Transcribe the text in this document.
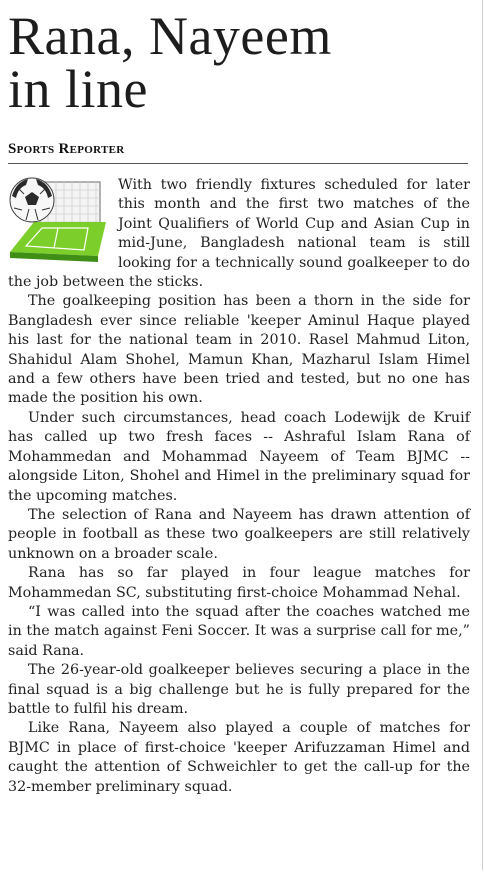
Rana, Nayeem
in line
Sports Reporter

With two friendly fixtures scheduled for later this month and the first two matches of the Joint Qualifiers of World Cup and Asian Cup in mid-June, Bangladesh national team is still looking for a technically sound goalkeeper to do the job between the sticks.

The goalkeeping position has been a thorn in the side for Bangladesh ever since reliable 'keeper Aminul Haque played his last for the national team in 2010. Rasel Mahmud Liton, Shahidul Alam Shohel, Mamun Khan, Mazharul Islam Himel and a few others have been tried and tested, but no one has made the position his own.

Under such circumstances, head coach Lodewijk de Kruif has called up two fresh faces -- Ashraful Islam Rana of Mohammedan and Mohammad Nayeem of Team BJMC -- alongside Liton, Shohel and Himel in the preliminary squad for the upcoming matches.

The selection of Rana and Nayeem has drawn attention of people in football as these two goalkeepers are still relatively unknown on a broader scale.

Rana has so far played in four league matches for Mohammedan SC, substituting first-choice Mohammad Nehal.

“I was called into the squad after the coaches watched me in the match against Feni Soccer. It was a surprise call for me,” said Rana.

The 26-year-old goalkeeper believes securing a place in the final squad is a big challenge but he is fully prepared for the battle to fulfil his dream.

Like Rana, Nayeem also played a couple of matches for BJMC in place of first-choice 'keeper Arifuzzaman Himel and caught the attention of Schweichler to get the call-up for the 32-member preliminary squad.
